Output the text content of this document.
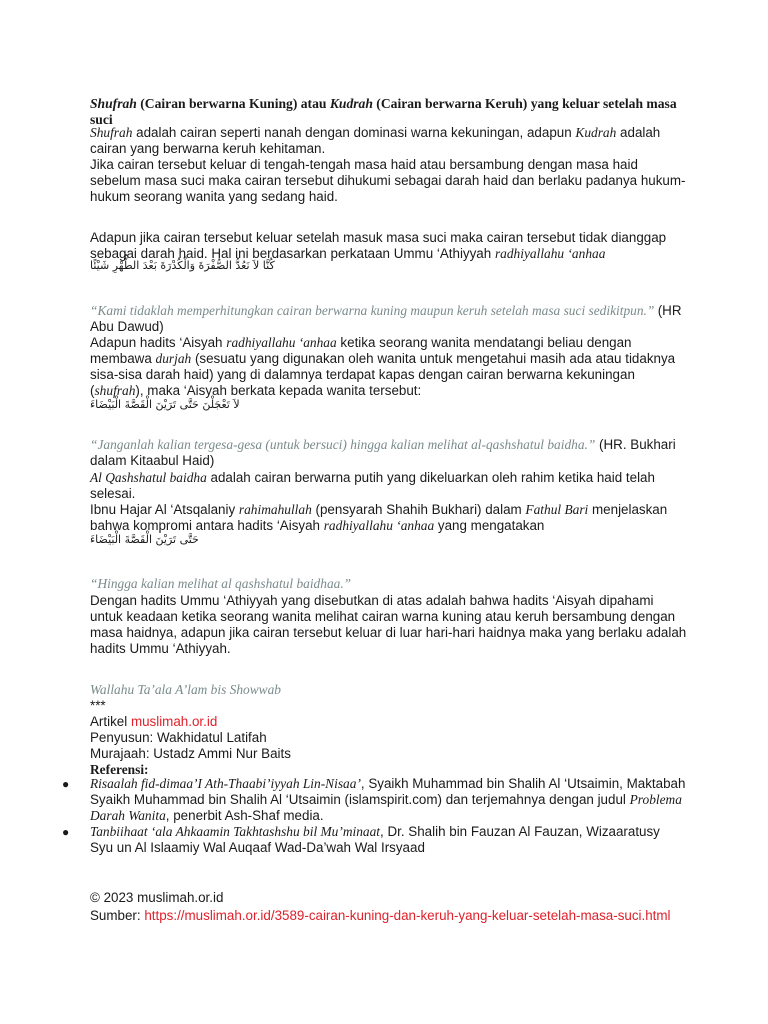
Shufrah (Cairan berwarna Kuning) atau Kudrah (Cairan berwarna Keruh) yang keluar setelah masa
suci

Shufrah adalah cairan seperti nanah dengan dominasi warna kekuningan, adapun Kudrah adalah

cairan yang berwarna keruh kehitaman.

Jika cairan tersebut keluar di tengah-tengah masa haid atau bersambung dengan masa haid

sebelum masa suci maka cairan tersebut dihukumi sebagai darah haid dan berlaku padanya hukum-

hukum seorang wanita yang sedang haid.

Adapun jika cairan tersebut keluar setelah masuk masa suci maka cairan tersebut tidak dianggap

sebagai darah haid. Hal ini berdasarkan perkataan Ummu ‘Athiyyah radhiyallahu ‘anhaa

كُنَّا لاَ نَعُدُّ الصُّفْرَةَ وَالْكُدْرَةَ بَعْدَ الطُّهْرِ شَيْئًا

“Kami tidaklah memperhitungkan cairan berwarna kuning maupun keruh setelah masa suci sedikitpun.” (HR

Abu Dawud)

Adapun hadits ‘Aisyah radhiyallahu ‘anhaa ketika seorang wanita mendatangi beliau dengan

membawa durjah (sesuatu yang digunakan oleh wanita untuk mengetahui masih ada atau tidaknya

sisa-sisa darah haid) yang di dalamnya terdapat kapas dengan cairan berwarna kekuningan

(shufrah), maka ‘Aisyah berkata kepada wanita tersebut:

لاَ تَعْجَلْنَ حَتَّى تَرَيْنَ الْقَصَّةَ الْبَيْضَاءَ

“Janganlah kalian tergesa-gesa (untuk bersuci) hingga kalian melihat al-qashshatul baidha.” (HR. Bukhari

dalam Kitaabul Haid)

Al Qashshatul baidha adalah cairan berwarna putih yang dikeluarkan oleh rahim ketika haid telah

selesai.

Ibnu Hajar Al ‘Atsqalaniy rahimahullah (pensyarah Shahih Bukhari) dalam Fathul Bari menjelaskan

bahwa kompromi antara hadits ‘Aisyah radhiyallahu ‘anhaa yang mengatakan

حَتَّى تَرَيْنَ الْقَصَّةَ الْبَيْضَاءَ

“Hingga kalian melihat al qashshatul baidhaa.”

Dengan hadits Ummu ‘Athiyyah yang disebutkan di atas adalah bahwa hadits ‘Aisyah dipahami

untuk keadaan ketika seorang wanita melihat cairan warna kuning atau keruh bersambung dengan

masa haidnya, adapun jika cairan tersebut keluar di luar hari-hari haidnya maka yang berlaku adalah

hadits Ummu ‘Athiyyah.

Wallahu Ta’ala A’lam bis Showwab

***

Artikel muslimah.or.id

Penyusun: Wakhidatul Latifah

Murajaah: Ustadz Ammi Nur Baits

Referensi:

● Risaalah fid-dimaa’I Ath-Thaabi’iyyah Lin-Nisaa’, Syaikh Muhammad bin Shalih Al ‘Utsaimin, Maktabah

Syaikh Muhammad bin Shalih Al ‘Utsaimin (islamspirit.com) dan terjemahnya dengan judul Problema

Darah Wanita, penerbit Ash-Shaf media.

● Tanbiihaat ‘ala Ahkaamin Takhtashshu bil Mu’minaat, Dr. Shalih bin Fauzan Al Fauzan, Wizaaratusy

Syu un Al Islaamiy Wal Auqaaf Wad-Da’wah Wal Irsyaad

© 2023 muslimah.or.id

Sumber: https://muslimah.or.id/3589-cairan-kuning-dan-keruh-yang-keluar-setelah-masa-suci.html
